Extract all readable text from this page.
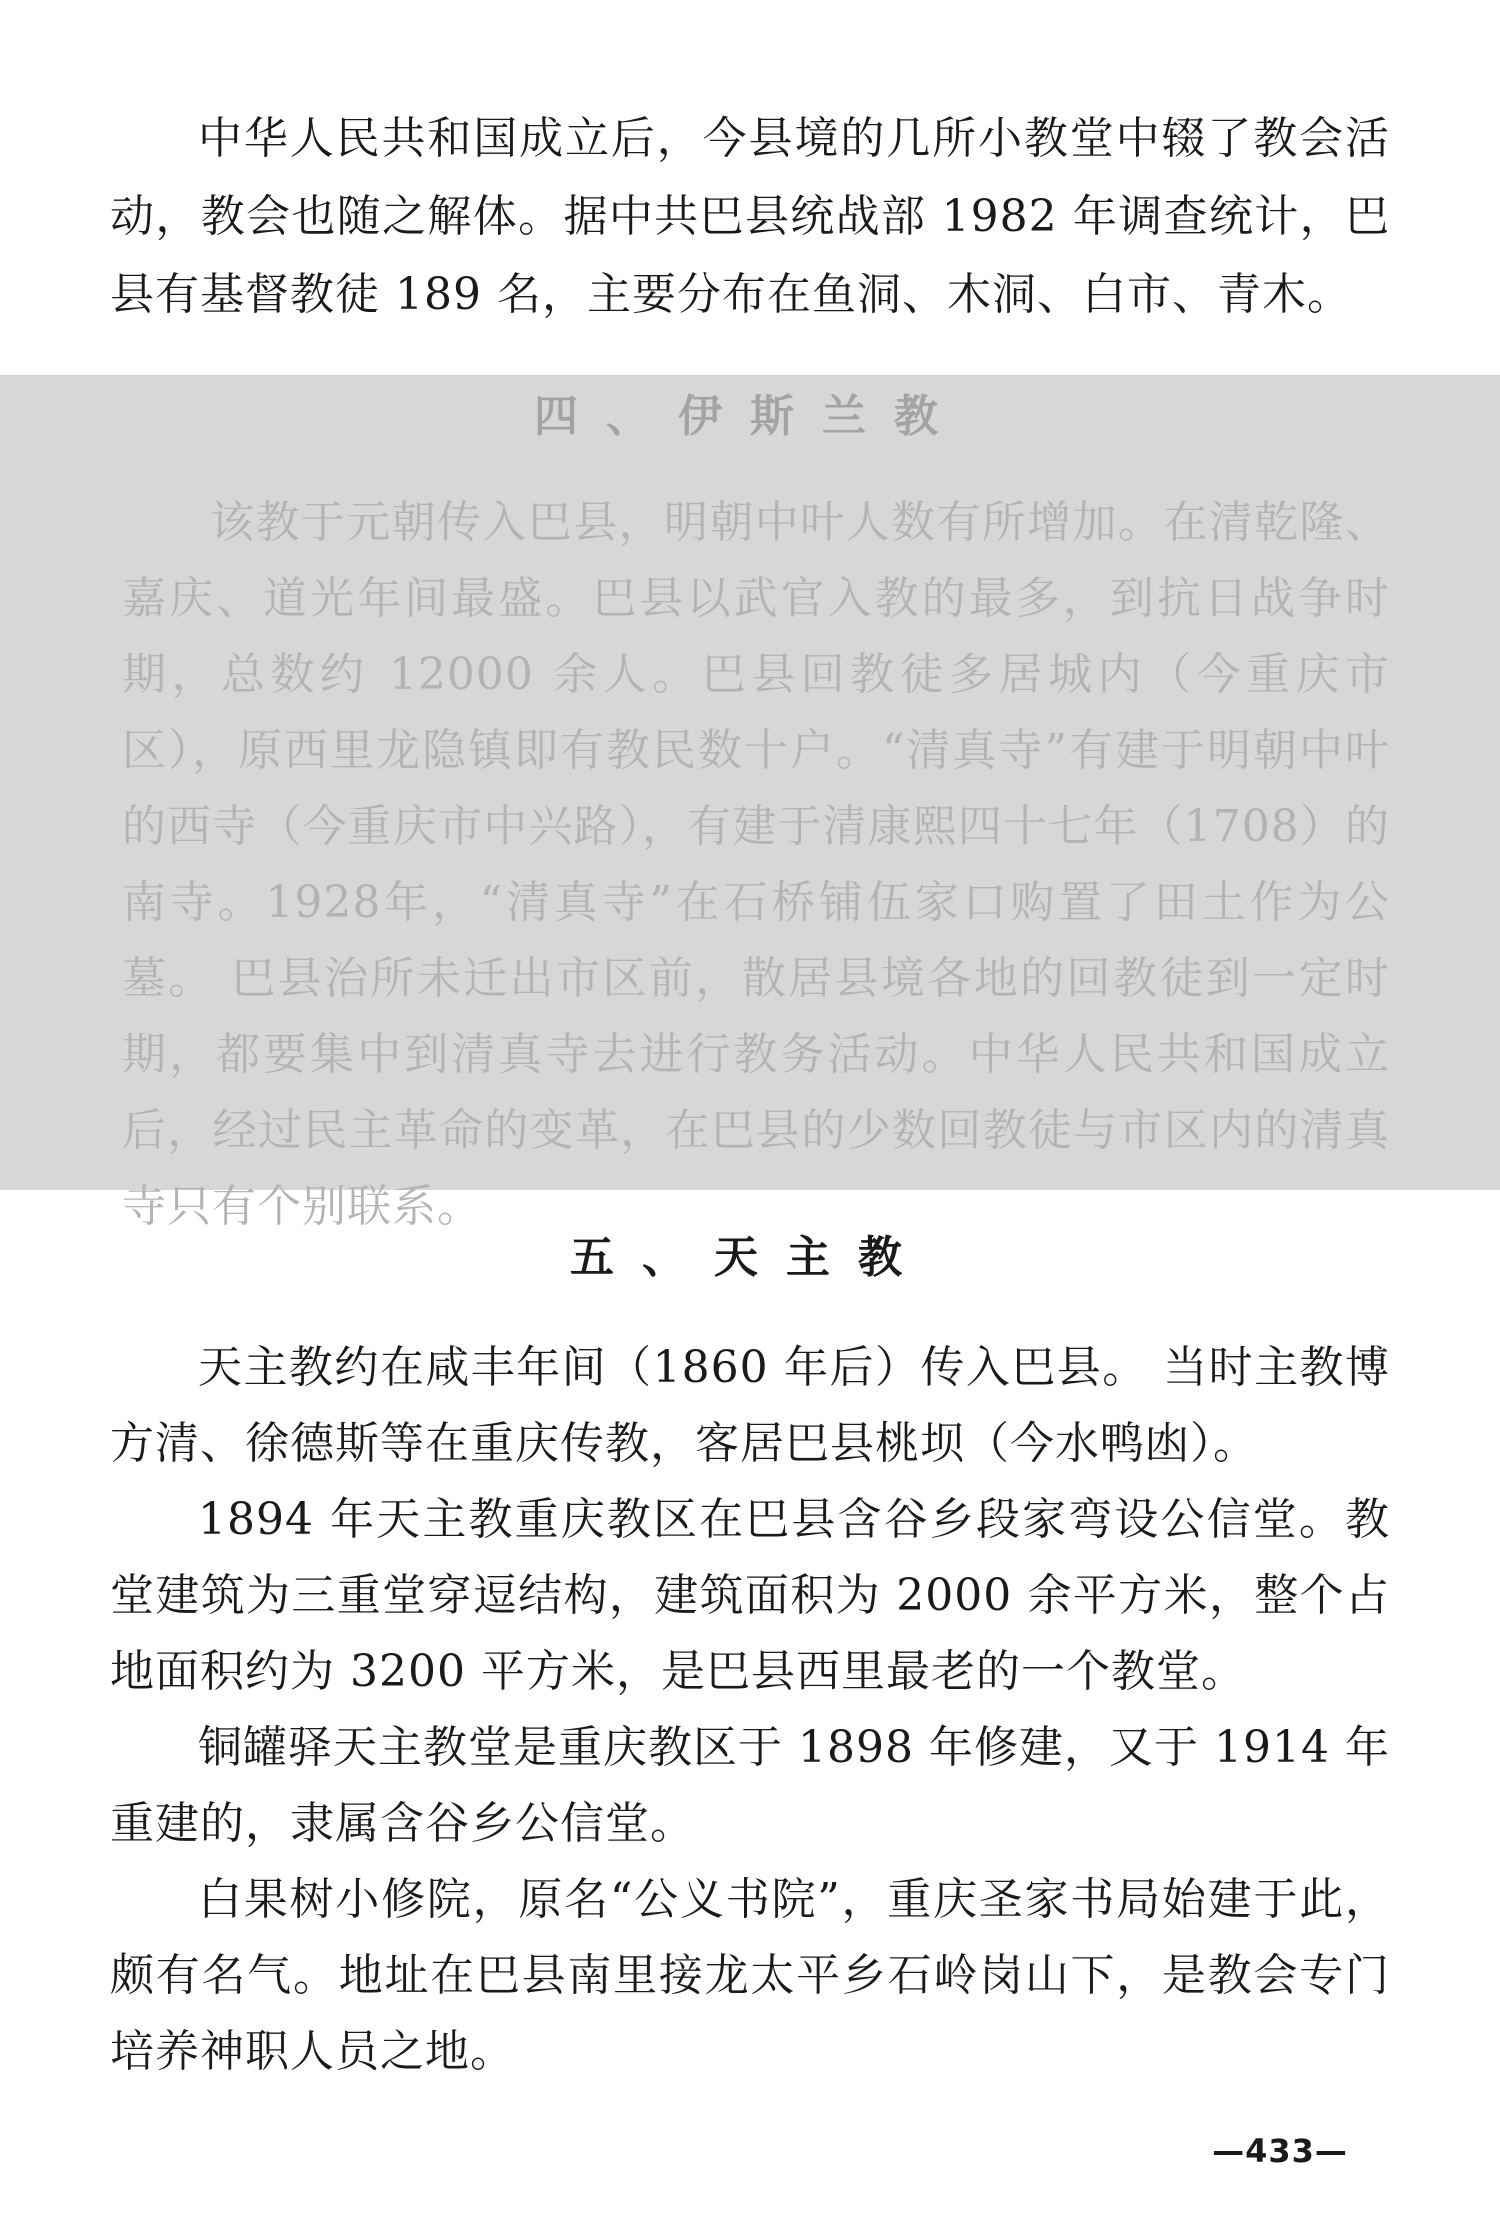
中华人民共和国成立后，今县境的几所小教堂中辍了教会活动，教会也随之解体。据中共巴县统战部 1982 年调查统计，巴县有基督教徒 189 名，主要分布在鱼洞、木洞、白市、青木。

四、伊斯兰教

该教于元朝传入巴县，明朝中叶人数有所增加。在清乾隆、嘉庆、道光年间最盛。巴县以武官入教的最多，到抗日战争时期，总数约 12000 余人。巴县回教徒多居城内（今重庆市区），原西里龙隐镇即有教民数十户。“清真寺”有建于明朝中叶的西寺（今重庆市中兴路），有建于清康熙四十七年（1708）的南寺。1928年，“清真寺”在石桥铺伍家口购置了田土作为公墓。 巴县治所未迁出市区前，散居县境各地的回教徒到一定时期，都要集中到清真寺去进行教务活动。中华人民共和国成立后，经过民主革命的变革，在巴县的少数回教徒与市区内的清真寺只有个别联系。

五、天主教

天主教约在咸丰年间（1860 年后）传入巴县。 当时主教博方清、徐德斯等在重庆传教，客居巴县桃坝（今水鸭凼）。

1894 年天主教重庆教区在巴县含谷乡段家弯设公信堂。教堂建筑为三重堂穿逗结构，建筑面积为 2000 余平方米，整个占地面积约为 3200 平方米，是巴县西里最老的一个教堂。

铜罐驿天主教堂是重庆教区于 1898 年修建，又于 1914 年重建的，隶属含谷乡公信堂。

白果树小修院，原名“公义书院”，重庆圣家书局始建于此，颇有名气。地址在巴县南里接龙太平乡石岭岗山下，是教会专门培养神职人员之地。

—433—
